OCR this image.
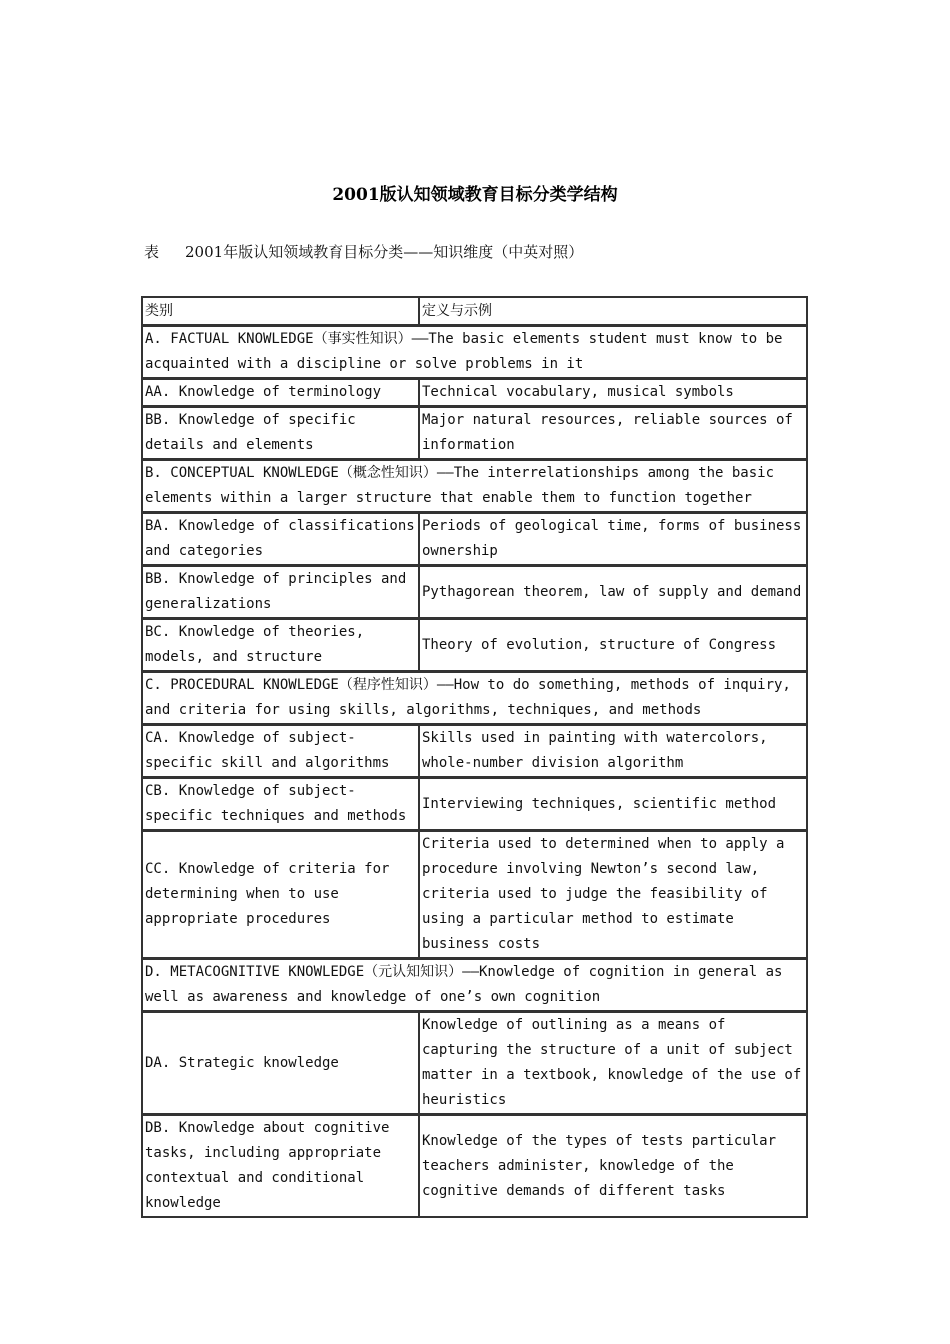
2001版认知领域教育目标分类学结构
表 2001年版认知领域教育目标分类——知识维度（中英对照）
类别	定义与示例
A. FACTUAL KNOWLEDGE（事实性知识）——The basic elements student must know to be acquainted with a discipline or solve problems in it	
AA. Knowledge of terminology	Technical vocabulary, musical symbols
BB. Knowledge of specific details and elements	Major natural resources, reliable sources of information
B. CONCEPTUAL KNOWLEDGE（概念性知识）——The interrelationships among the basic elements within a larger structure that enable them to function together	
BA. Knowledge of classifications and categories	Periods of geological time, forms of business ownership
BB. Knowledge of principles and generalizations	Pythagorean theorem, law of supply and demand
BC. Knowledge of theories, models, and structure	Theory of evolution, structure of Congress
C. PROCEDURAL KNOWLEDGE（程序性知识）——How to do something, methods of inquiry, and criteria for using skills, algorithms, techniques, and methods	
CA. Knowledge of subject-specific skill and algorithms	Skills used in painting with watercolors, whole-number division algorithm
CB. Knowledge of subject-specific techniques and methods	Interviewing techniques, scientific method
CC. Knowledge of criteria for determining when to use appropriate procedures	Criteria used to determined when to apply a procedure involving Newton’s second law, criteria used to judge the feasibility of using a particular method to estimate business costs
D. METACOGNITIVE KNOWLEDGE（元认知知识）——Knowledge of cognition in general as well as awareness and knowledge of one’s own cognition	
DA. Strategic knowledge	Knowledge of outlining as a means of capturing the structure of a unit of subject matter in a textbook, knowledge of the use of heuristics
DB. Knowledge about cognitive tasks, including appropriate contextual and conditional knowledge	Knowledge of the types of tests particular teachers administer, knowledge of the cognitive demands of different tasks
